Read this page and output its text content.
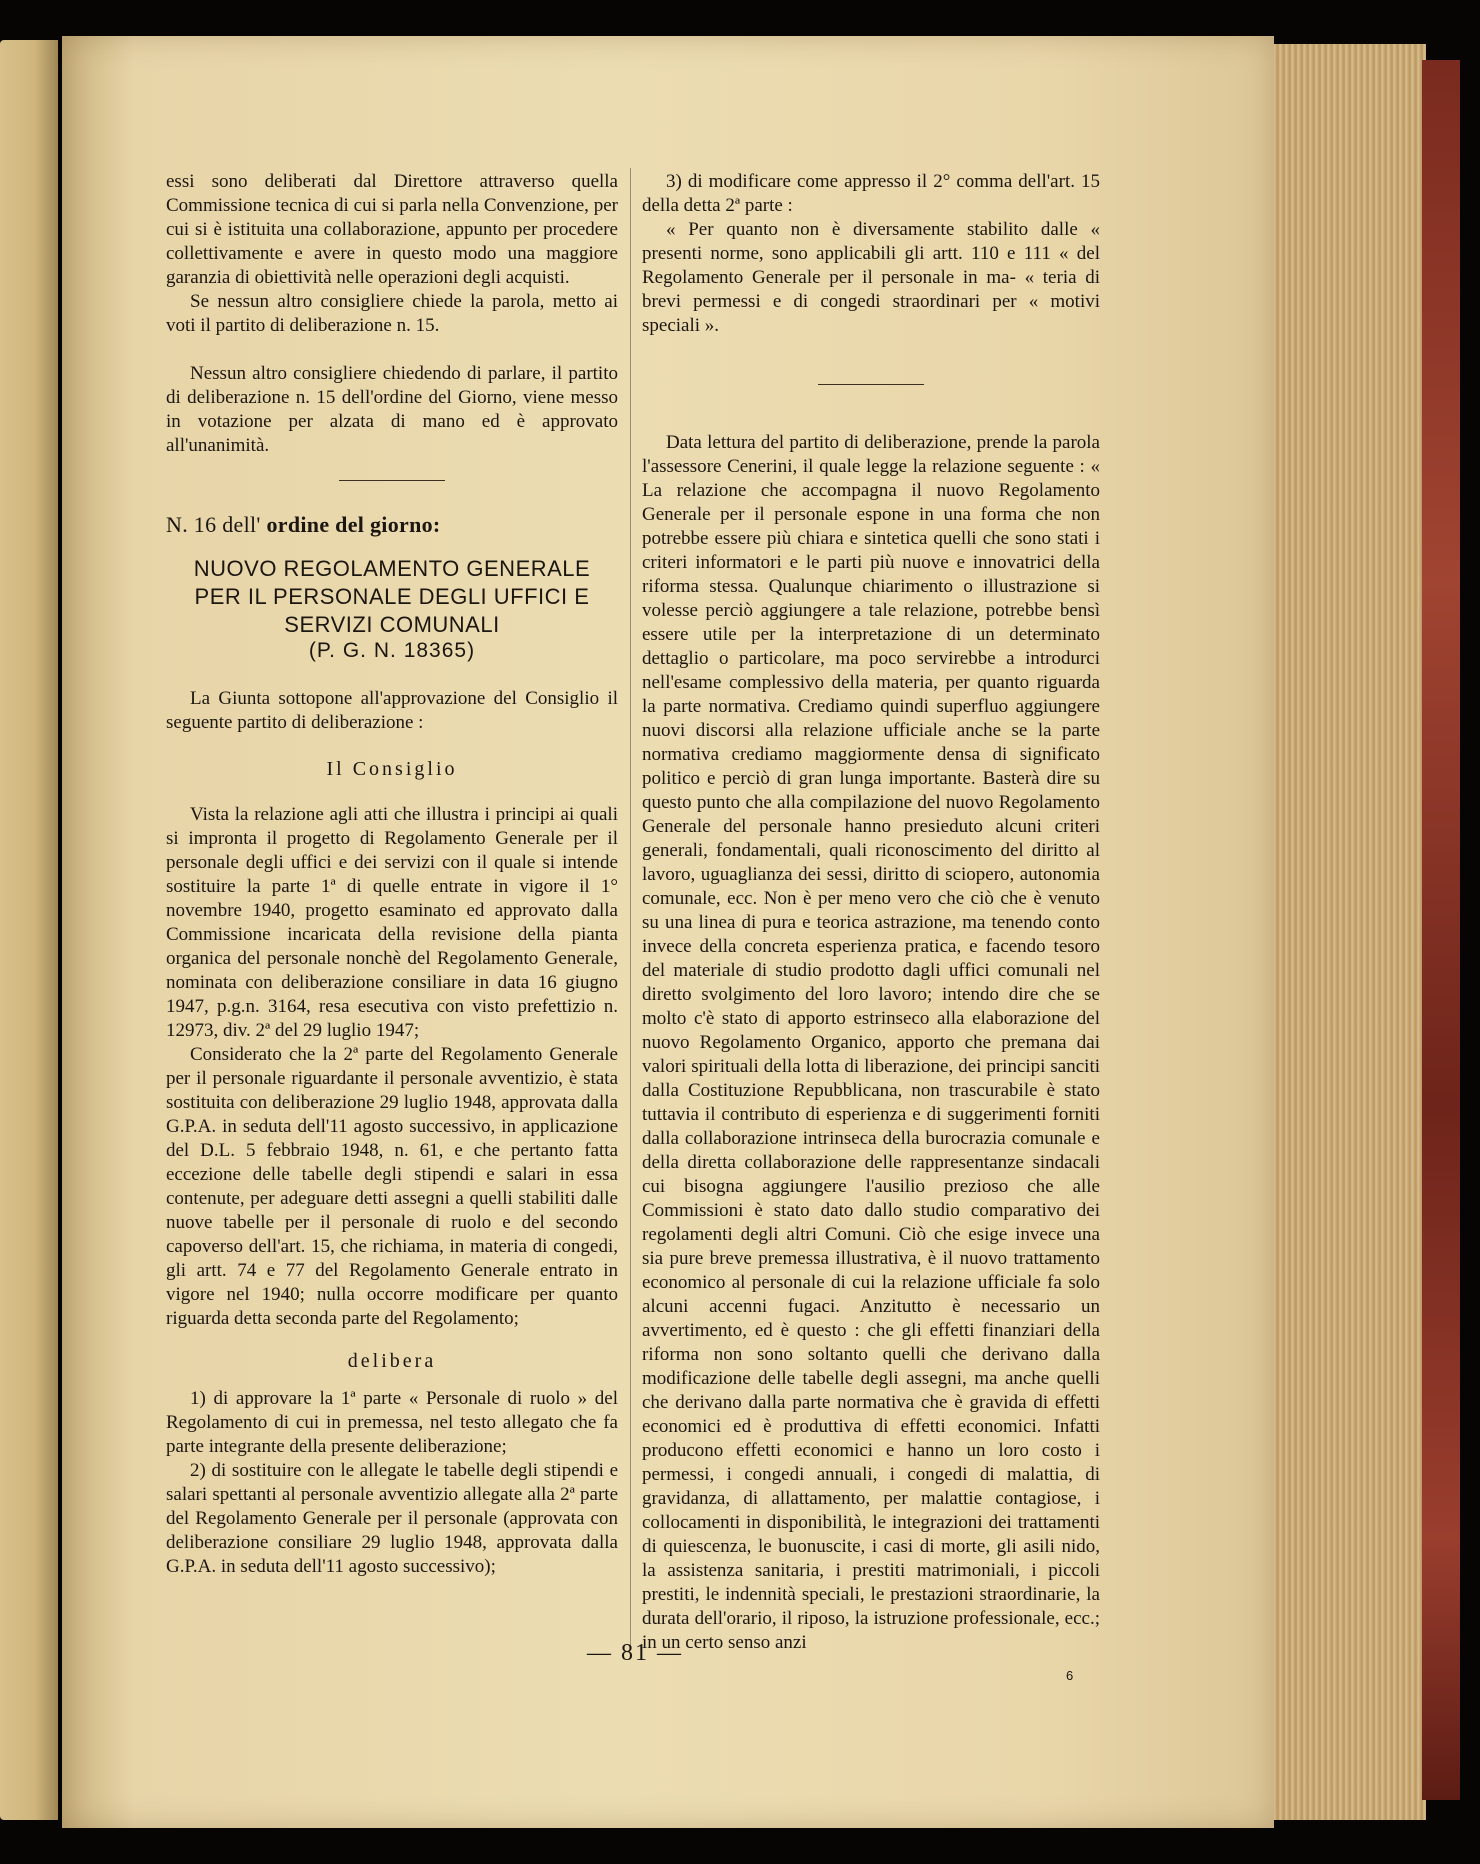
essi sono deliberati dal Direttore attraverso quella Commissione tecnica di cui si parla nella Convenzione, per cui si è istituita una collaborazione, appunto per procedere collettivamente e avere in questo modo una maggiore garanzia di obiettività nelle operazioni degli acquisti.

Se nessun altro consigliere chiede la parola, metto ai voti il partito di deliberazione n. 15.

Nessun altro consigliere chiedendo di parlare, il partito di deliberazione n. 15 dell'ordine del Giorno, viene messo in votazione per alzata di mano ed è approvato all'unanimità.

N. 16 dell' ordine del giorno:
NUOVO REGOLAMENTO GENERALE
PER IL PERSONALE DEGLI UFFICI E
SERVIZI COMUNALI
(P. G. N. 18365)

La Giunta sottopone all'approvazione del Consiglio il seguente partito di deliberazione :

Il Consiglio

Vista la relazione agli atti che illustra i principi ai quali si impronta il progetto di Regolamento Generale per il personale degli uffici e dei servizi con il quale si intende sostituire la parte 1ª di quelle entrate in vigore il 1° novembre 1940, progetto esaminato ed approvato dalla Commissione incaricata della revisione della pianta organica del personale nonchè del Regolamento Generale, nominata con deliberazione consiliare in data 16 giugno 1947, p.g.n. 3164, resa esecutiva con visto prefettizio n. 12973, div. 2ª del 29 luglio 1947;

Considerato che la 2ª parte del Regolamento Generale per il personale riguardante il personale avventizio, è stata sostituita con deliberazione 29 luglio 1948, approvata dalla G.P.A. in seduta dell'11 agosto successivo, in applicazione del D.L. 5 febbraio 1948, n. 61, e che pertanto fatta eccezione delle tabelle degli stipendi e salari in essa contenute, per adeguare detti assegni a quelli stabiliti dalle nuove tabelle per il personale di ruolo e del secondo capoverso dell'art. 15, che richiama, in materia di congedi, gli artt. 74 e 77 del Regolamento Generale entrato in vigore nel 1940; nulla occorre modificare per quanto riguarda detta seconda parte del Regolamento;

delibera

1) di approvare la 1ª parte « Personale di ruolo » del Regolamento di cui in premessa, nel testo allegato che fa parte integrante della presente deliberazione;

2) di sostituire con le allegate le tabelle degli stipendi e salari spettanti al personale avventizio allegate alla 2ª parte del Regolamento Generale per il personale (approvata con deliberazione consiliare 29 luglio 1948, approvata dalla G.P.A. in seduta dell'11 agosto successivo);

3) di modificare come appresso il 2° comma dell'art. 15 della detta 2ª parte :

« Per quanto non è diversamente stabilito dalle « presenti norme, sono applicabili gli artt. 110 e 111 « del Regolamento Generale per il personale in ma- « teria di brevi permessi e di congedi straordinari per « motivi speciali ».

Data lettura del partito di deliberazione, prende la parola l'assessore Cenerini, il quale legge la relazione seguente : « La relazione che accompagna il nuovo Regolamento Generale per il personale espone in una forma che non potrebbe essere più chiara e sintetica quelli che sono stati i criteri informatori e le parti più nuove e innovatrici della riforma stessa. Qualunque chiarimento o illustrazione si volesse perciò aggiungere a tale relazione, potrebbe bensì essere utile per la interpretazione di un determinato dettaglio o particolare, ma poco servirebbe a introdurci nell'esame complessivo della materia, per quanto riguarda la parte normativa. Crediamo quindi superfluo aggiungere nuovi discorsi alla relazione ufficiale anche se la parte normativa crediamo maggiormente densa di significato politico e perciò di gran lunga importante. Basterà dire su questo punto che alla compilazione del nuovo Regolamento Generale del personale hanno presieduto alcuni criteri generali, fondamentali, quali riconoscimento del diritto al lavoro, uguaglianza dei sessi, diritto di sciopero, autonomia comunale, ecc. Non è per meno vero che ciò che è venuto su una linea di pura e teorica astrazione, ma tenendo conto invece della concreta esperienza pratica, e facendo tesoro del materiale di studio prodotto dagli uffici comunali nel diretto svolgimento del loro lavoro; intendo dire che se molto c'è stato di apporto estrinseco alla elaborazione del nuovo Regolamento Organico, apporto che premana dai valori spirituali della lotta di liberazione, dei principi sanciti dalla Costituzione Repubblicana, non trascurabile è stato tuttavia il contributo di esperienza e di suggerimenti forniti dalla collaborazione intrinseca della burocrazia comunale e della diretta collaborazione delle rappresentanze sindacali cui bisogna aggiungere l'ausilio prezioso che alle Commissioni è stato dato dallo studio comparativo dei regolamenti degli altri Comuni. Ciò che esige invece una sia pure breve premessa illustrativa, è il nuovo trattamento economico al personale di cui la relazione ufficiale fa solo alcuni accenni fugaci. Anzitutto è necessario un avvertimento, ed è questo : che gli effetti finanziari della riforma non sono soltanto quelli che derivano dalla modificazione delle tabelle degli assegni, ma anche quelli che derivano dalla parte normativa che è gravida di effetti economici ed è produttiva di effetti economici. Infatti producono effetti economici e hanno un loro costo i permessi, i congedi annuali, i congedi di malattia, di gravidanza, di allattamento, per malattie contagiose, i collocamenti in disponibilità, le integrazioni dei trattamenti di quiescenza, le buonuscite, i casi di morte, gli asili nido, la assistenza sanitaria, i prestiti matrimoniali, i piccoli prestiti, le indennità speciali, le prestazioni straordinarie, la durata dell'orario, il riposo, la istruzione professionale, ecc.; in un certo senso anzi

— 81 —
6
